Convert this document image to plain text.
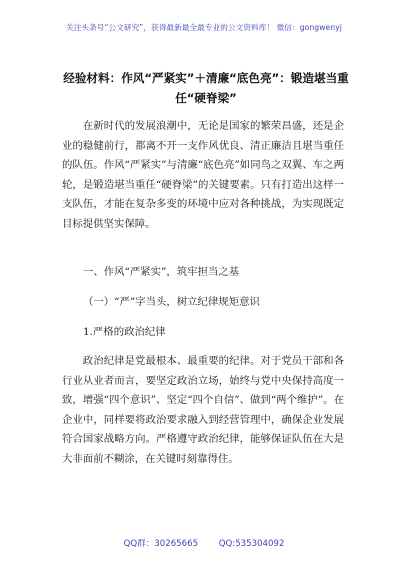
关注头条号“公文研究”，获得最新最全最专业的公文资料库！ 微信：gongwenyj
经验材料：作风“严紧实”＋清廉“底色亮”：锻造堪当重任“硬脊梁”
在新时代的发展浪潮中，无论是国家的繁荣昌盛，还是企业的稳健前行，都离不开一支作风优良、清正廉洁且堪当重任的队伍。作风“严紧实”与清廉“底色亮”如同鸟之双翼、车之两轮，是锻造堪当重任“硬脊梁”的关键要素。只有打造出这样一支队伍，才能在复杂多变的环境中应对各种挑战，为实现既定目标提供坚实保障。
一、作风“严紧实”，筑牢担当之基
（一）“严”字当头，树立纪律规矩意识
1.严格的政治纪律
政治纪律是党最根本、最重要的纪律。对于党员干部和各行业从业者而言，要坚定政治立场，始终与党中央保持高度一致，增强“四个意识”、坚定“四个自信”、做到“两个维护”。在企业中，同样要将政治要求融入到经营管理中，确保企业发展符合国家战略方向。严格遵守政治纪律，能够保证队伍在大是大非面前不糊涂，在关键时刻靠得住。
QQ群：30265665 QQ:535304092
